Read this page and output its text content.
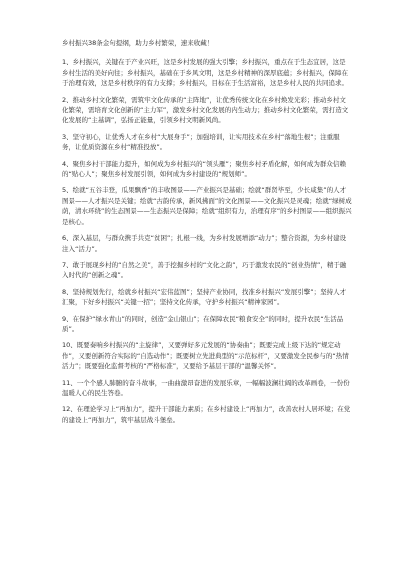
乡村振兴38条金句提纲，助力乡村繁荣，速来收藏！

1、乡村振兴，关键在于产业兴旺，这是乡村发展的强大引擎；乡村振兴，重点在于生态宜居，这是乡村生活的美好向往；乡村振兴，基础在于乡风文明，这是乡村精神的深厚底蕴；乡村振兴，保障在于治理有效，这是乡村秩序的有力支撑；乡村振兴，目标在于生活富裕，这是乡村人民的共同追求。

2、推动乡村文化繁荣，需筑牢文化传承的“主阵地”，让优秀传统文化在乡村焕发光彩；推动乡村文化繁荣，需培育文化创新的“主力军”，激发乡村文化发展的内生动力；推动乡村文化繁荣，需打造文化发展的“主基调”，弘扬正能量，引领乡村文明新风尚。

3、坚守初心，让优秀人才在乡村“大展身手”；加强培训，让实用技术在乡村“落地生根”；注重服务，让优质资源在乡村“精准投放”。

4、聚焦乡村干部能力提升，如何成为乡村振兴的“领头雁”；聚焦乡村矛盾化解，如何成为群众信赖的“贴心人”；聚焦乡村发展引领，如何成为乡村建设的“规划师”。

5、绘就“五谷丰登，瓜果飘香”的丰收图景——产业振兴是基础；绘就“群贤毕至，少长咸集”的人才图景——人才振兴是关键；绘就“古韵传承，新风拂面”的文化图景——文化振兴是灵魂；绘就“绿树成荫，清水环绕”的生态图景——生态振兴是保障；绘就“组织有力，治理有序”的乡村图景——组织振兴是核心。

6、深入基层，与群众携手共克“贫困”；扎根一线，为乡村发展增添“动力”；整合资源，为乡村建设注入“活力”。

7、敢于展现乡村的“自然之美”，善于挖掘乡村的“文化之韵”，巧于激发农民的“创业热情”，精于融入时代的“创新之魂”。

8、坚持规划先行，绘就乡村振兴“宏伟蓝图”；坚持产业协同，找准乡村振兴“发展引擎”；坚持人才汇聚，下好乡村振兴“关键一招”；坚持文化传承，守护乡村振兴“精神家园”。

9、在保护“绿水青山”的同时，创造“金山银山”；在保障农民“粮食安全”的同时，提升农民“生活品质”。

10、既要奏响乡村振兴的“主旋律”，又要弹好多元发展的“协奏曲”；既要完成上级下达的“规定动作”，又要创新符合实际的“自选动作”；既要树立先进典型的“示范标杆”，又要激发全民参与的“热情活力”；既要强化监督考核的“严格标准”，又要给予基层干部的“温馨关怀”。

11、一个个感人肺腑的奋斗故事，一曲曲激昂奋进的发展乐章，一幅幅波澜壮阔的改革画卷，一份份温暖人心的民生答卷。

12、在理论学习上“再加力”，提升干部能力素质；在乡村建设上“再加力”，改善农村人居环境；在党的建设上“再加力”，筑牢基层战斗堡垒。
